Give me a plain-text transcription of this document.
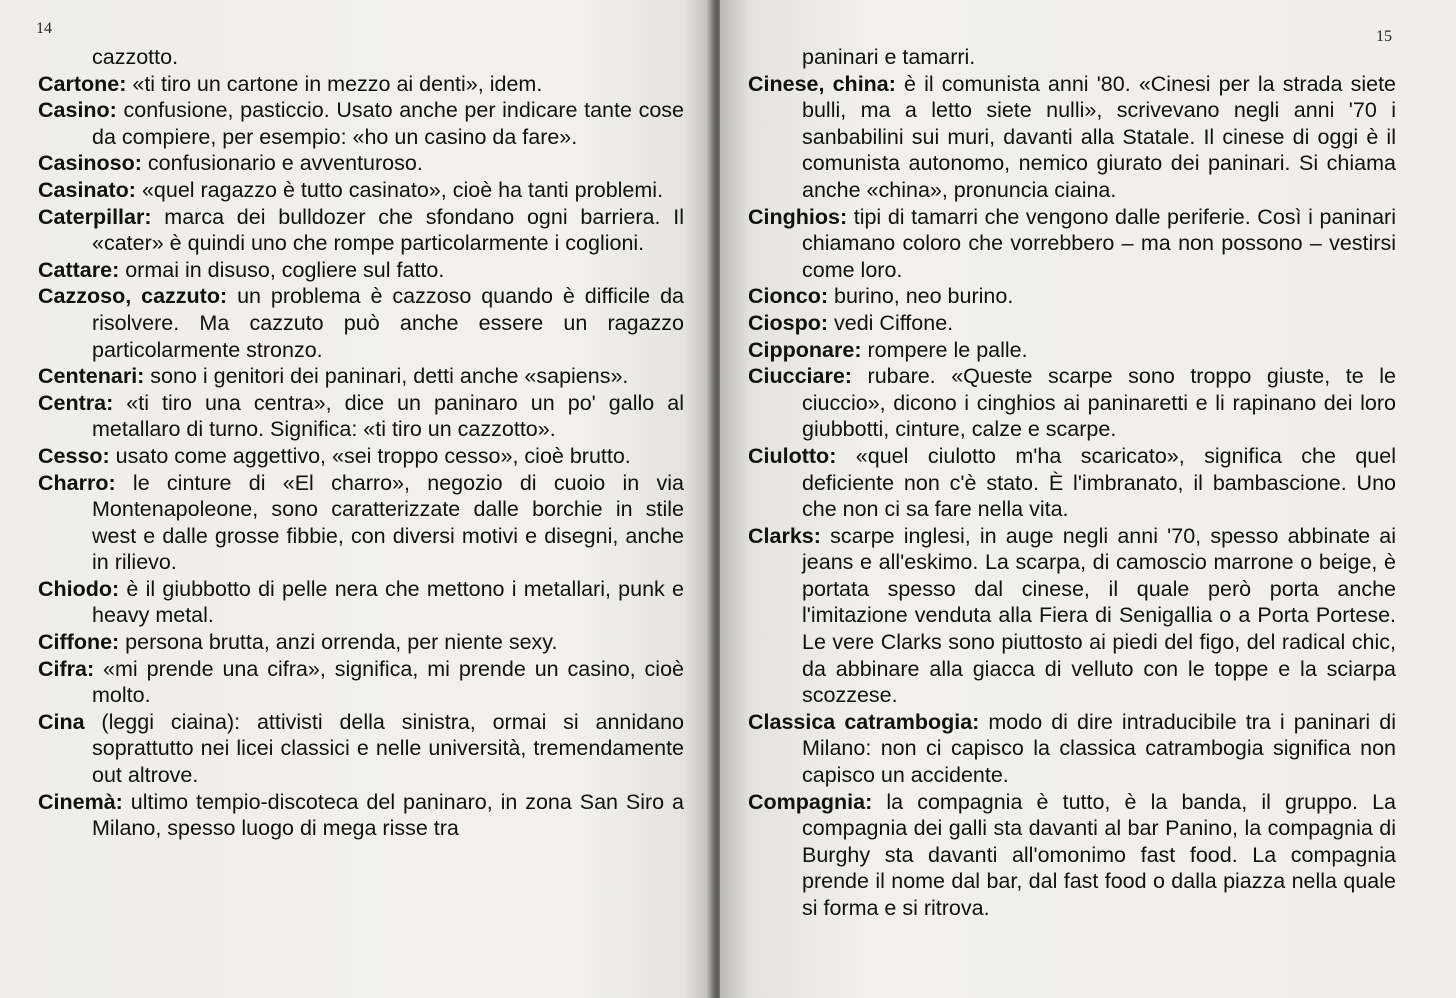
14

cazzotto.

Cartone: «ti tiro un cartone in mezzo ai denti», idem.
Casino: confusione, pasticcio. Usato anche per indicare tante cose da compiere, per esempio: «ho un casino da fare».
Casinoso: confusionario e avventuroso.
Casinato: «quel ragazzo è tutto casinato», cioè ha tanti problemi.
Caterpillar: marca dei bulldozer che sfondano ogni barriera. Il «cater» è quindi uno che rompe particolarmente i coglioni.
Cattare: ormai in disuso, cogliere sul fatto.
Cazzoso, cazzuto: un problema è cazzoso quando è difficile da risolvere. Ma cazzuto può anche essere un ragazzo particolarmente stronzo.
Centenari: sono i genitori dei paninari, detti anche «sapiens».
Centra: «ti tiro una centra», dice un paninaro un po' gallo al metallaro di turno. Significa: «ti tiro un cazzotto».
Cesso: usato come aggettivo, «sei troppo cesso», cioè brutto.
Charro: le cinture di «El charro», negozio di cuoio in via Montenapoleone, sono caratterizzate dalle borchie in stile west e dalle grosse fibbie, con diversi motivi e disegni, anche in rilievo.
Chiodo: è il giubbotto di pelle nera che mettono i metallari, punk e heavy metal.
Ciffone: persona brutta, anzi orrenda, per niente sexy.
Cifra: «mi prende una cifra», significa, mi prende un casino, cioè molto.
Cina (leggi ciaina): attivisti della sinistra, ormai si annidano soprattutto nei licei classici e nelle università, tremendamente out altrove.
Cinemà: ultimo tempio-discoteca del paninaro, in zona San Siro a Milano, spesso luogo di mega risse tra
15

paninari e tamarri.

Cinese, china: è il comunista anni '80. «Cinesi per la strada siete bulli, ma a letto siete nulli», scrivevano negli anni '70 i sanbabilini sui muri, davanti alla Statale. Il cinese di oggi è il comunista autonomo, nemico giurato dei paninari. Si chiama anche «china», pronuncia ciaina.
Cinghios: tipi di tamarri che vengono dalle periferie. Così i paninari chiamano coloro che vorrebbero – ma non possono – vestirsi come loro.
Cionco: burino, neo burino.
Ciospo: vedi Ciffone.
Cipponare: rompere le palle.
Ciucciare: rubare. «Queste scarpe sono troppo giuste, te le ciuccio», dicono i cinghios ai paninaretti e li rapinano dei loro giubbotti, cinture, calze e scarpe.
Ciulotto: «quel ciulotto m'ha scaricato», significa che quel deficiente non c'è stato. È l'imbranato, il bambascione. Uno che non ci sa fare nella vita.
Clarks: scarpe inglesi, in auge negli anni '70, spesso abbinate ai jeans e all'eskimo. La scarpa, di camoscio marrone o beige, è portata spesso dal cinese, il quale però porta anche l'imitazione venduta alla Fiera di Senigallia o a Porta Portese. Le vere Clarks sono piuttosto ai piedi del figo, del radical chic, da abbinare alla giacca di velluto con le toppe e la sciarpa scozzese.
Classica catrambogia: modo di dire intraducibile tra i paninari di Milano: non ci capisco la classica catrambogia significa non capisco un accidente.
Compagnia: la compagnia è tutto, è la banda, il gruppo. La compagnia dei galli sta davanti al bar Panino, la compagnia di Burghy sta davanti all'omonimo fast food. La compagnia prende il nome dal bar, dal fast food o dalla piazza nella quale si forma e si ritrova.
